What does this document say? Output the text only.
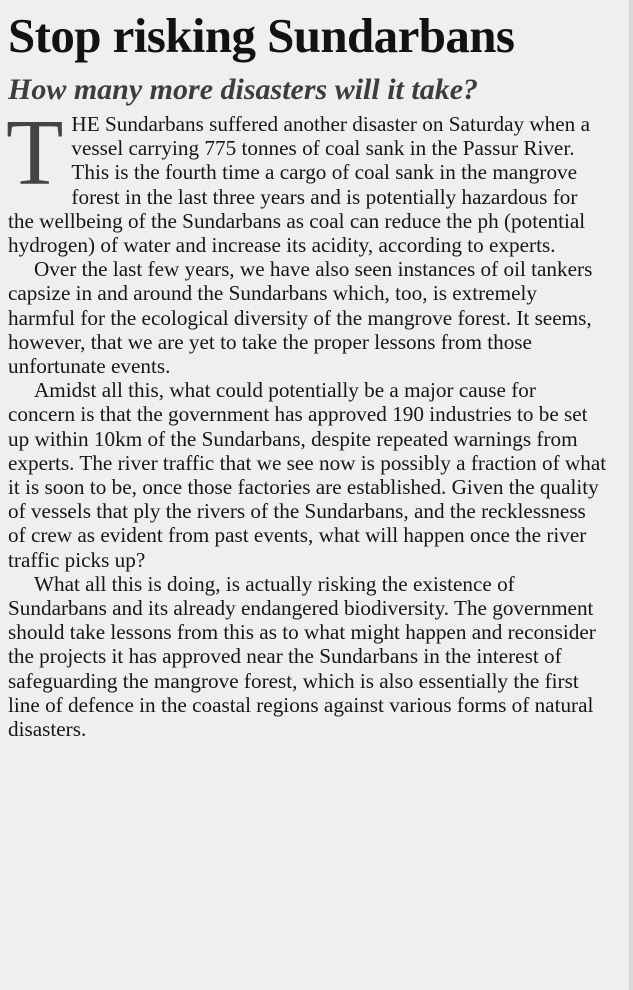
Stop risking Sundarbans
How many more disasters will it take?

THE Sundarbans suffered another disaster on Saturday when a vessel carrying 775 tonnes of coal sank in the Passur River. This is the fourth time a cargo of coal sank in the mangrove forest in the last three years and is potentially hazardous for the wellbeing of the Sundarbans as coal can reduce the ph (potential hydrogen) of water and increase its acidity, according to experts.

Over the last few years, we have also seen instances of oil tankers capsize in and around the Sundarbans which, too, is extremely harmful for the ecological diversity of the mangrove forest. It seems, however, that we are yet to take the proper lessons from those unfortunate events.

Amidst all this, what could potentially be a major cause for concern is that the government has approved 190 industries to be set up within 10km of the Sundarbans, despite repeated warnings from experts. The river traffic that we see now is possibly a fraction of what it is soon to be, once those factories are established. Given the quality of vessels that ply the rivers of the Sundarbans, and the recklessness of crew as evident from past events, what will happen once the river traffic picks up?

What all this is doing, is actually risking the existence of Sundarbans and its already endangered biodiversity. The government should take lessons from this as to what might happen and reconsider the projects it has approved near the Sundarbans in the interest of safeguarding the mangrove forest, which is also essentially the first line of defence in the coastal regions against various forms of natural disasters.
